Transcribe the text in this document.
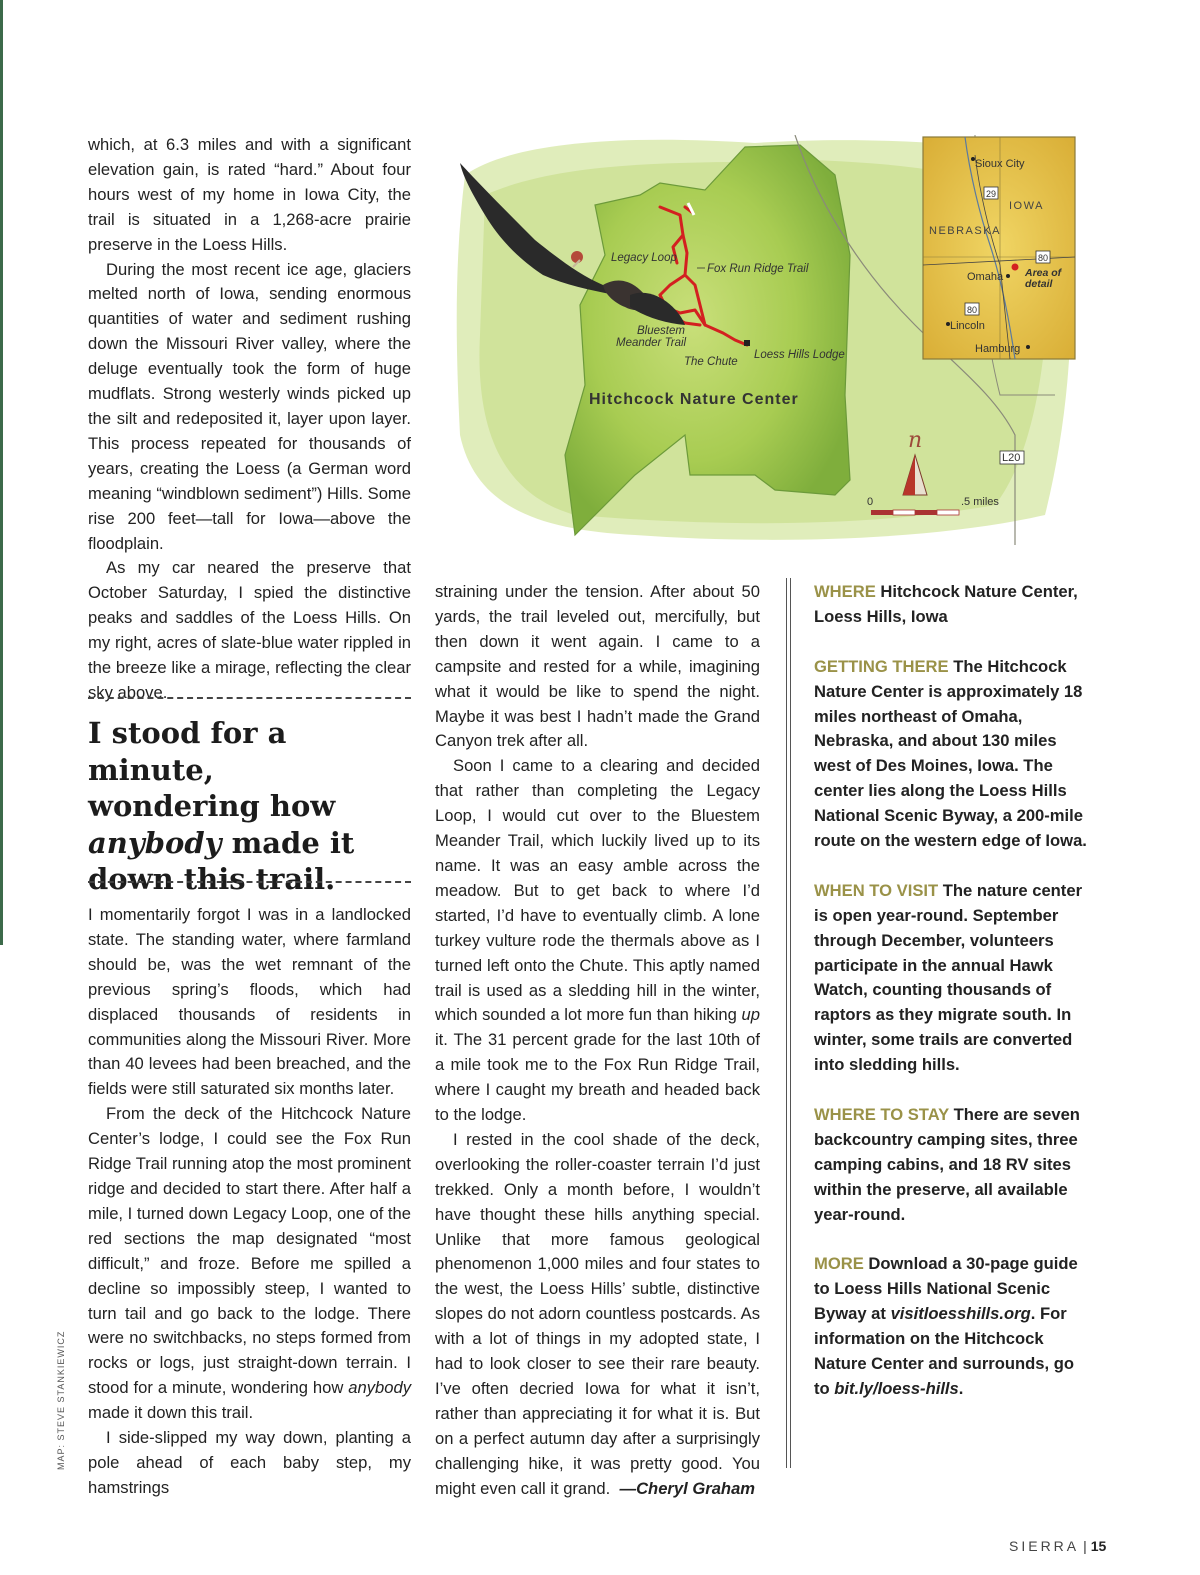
Legacy Loop
Fox Run Ridge Trail
Bluestem
Meander Trail
The Chute
Loess Hills Lodge
Hitchcock Nature Center
Sioux City
29
IOWA
NEBRASKA
80
Omaha Area of
detail
80
Lincoln
Hamburg
n
0	.5 miles
L20

which, at 6.3 miles and with a significant elevation gain, is rated “hard.” About four hours west of my home in Iowa City, the trail is situated in a 1,268-acre prairie preserve in the Loess Hills.

During the most recent ice age, glaciers melted north of Iowa, sending enormous quantities of water and sediment rushing down the Missouri River valley, where the deluge eventually took the form of huge mudflats. Strong westerly winds picked up the silt and redeposited it, layer upon layer. This process repeated for thousands of years, creating the Loess (a German word meaning “windblown sediment”) Hills. Some rise 200 feet—tall for Iowa—above the floodplain.

As my car neared the preserve that October Saturday, I spied the distinctive peaks and saddles of the Loess Hills. On my right, acres of slate-blue water rippled in the breeze like a mirage, reflecting the clear sky above.

I stood for a minute,
wondering how
anybody made it
down this trail.

I momentarily forgot I was in a landlocked state. The standing water, where farmland should be, was the wet remnant of the previous spring’s floods, which had displaced thousands of residents in communities along the Missouri River. More than 40 levees had been breached, and the fields were still saturated six months later.

From the deck of the Hitchcock Nature Center’s lodge, I could see the Fox Run Ridge Trail running atop the most prominent ridge and decided to start there. After half a mile, I turned down Legacy Loop, one of the red sections the map designated “most difficult,” and froze. Before me spilled a decline so impossibly steep, I wanted to turn tail and go back to the lodge. There were no switchbacks, no steps formed from rocks or logs, just straight-down terrain. I stood for a minute, wondering how anybody made it down this trail.

I side-slipped my way down, planting a pole ahead of each baby step, my hamstrings

straining under the tension. After about 50 yards, the trail leveled out, mercifully, but then down it went again. I came to a campsite and rested for a while, imagining what it would be like to spend the night. Maybe it was best I hadn’t made the Grand Canyon trek after all.

Soon I came to a clearing and decided that rather than completing the Legacy Loop, I would cut over to the Bluestem Meander Trail, which luckily lived up to its name. It was an easy amble across the meadow. But to get back to where I’d started, I’d have to eventually climb. A lone turkey vulture rode the thermals above as I turned left onto the Chute. This aptly named trail is used as a sledding hill in the winter, which sounded a lot more fun than hiking up it. The 31 percent grade for the last 10th of a mile took me to the Fox Run Ridge Trail, where I caught my breath and headed back to the lodge.

I rested in the cool shade of the deck, overlooking the roller-coaster terrain I’d just trekked. Only a month before, I wouldn’t have thought these hills anything special. Unlike that more famous geological phenomenon 1,000 miles and four states to the west, the Loess Hills’ subtle, distinctive slopes do not adorn countless postcards. As with a lot of things in my adopted state, I had to look closer to see their rare beauty. I’ve often decried Iowa for what it isn’t, rather than appreciating it for what it is. But on a perfect autumn day after a surprisingly challenging hike, it was pretty good. You might even call it grand. —Cheryl Graham

WHERE Hitchcock Nature Center, Loess Hills, Iowa
GETTING THERE The Hitchcock Nature Center is approximately 18 miles northeast of Omaha, Nebraska, and about 130 miles west of Des Moines, Iowa. The center lies along the Loess Hills National Scenic Byway, a 200-mile route on the western edge of Iowa.
WHEN TO VISIT The nature center is open year-round. September through December, volunteers participate in the annual Hawk Watch, counting thousands of raptors as they migrate south. In winter, some trails are converted into sledding hills.
WHERE TO STAY There are seven backcountry camping sites, three camping cabins, and 18 RV sites within the preserve, all available year-round.
MORE Download a 30-page guide to Loess Hills National Scenic Byway at visitloesshills.org. For information on the Hitchcock Nature Center and surrounds, go to bit.ly/loess-hills.
MAP: STEVE STANKIEWICZ
SIERRA | 15
